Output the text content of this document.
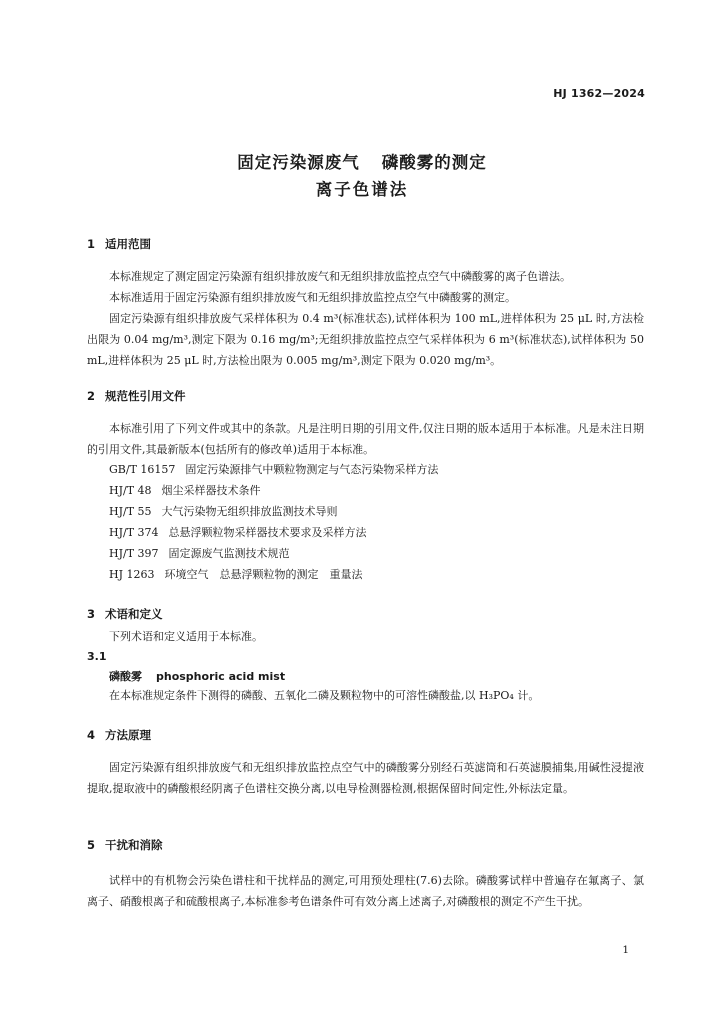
HJ 1362—2024
固定污染源废气 磷酸雾的测定
离子色谱法
1 适用范围

本标准规定了测定固定污染源有组织排放废气和无组织排放监控点空气中磷酸雾的离子色谱法。

本标准适用于固定污染源有组织排放废气和无组织排放监控点空气中磷酸雾的测定。

固定污染源有组织排放废气采样体积为 0.4 m³(标准状态),试样体积为 100 mL,进样体积为 25 μL 时,方法检出限为 0.04 mg/m³,测定下限为 0.16 mg/m³;无组织排放监控点空气采样体积为 6 m³(标准状态),试样体积为 50 mL,进样体积为 25 μL 时,方法检出限为 0.005 mg/m³,测定下限为 0.020 mg/m³。

2 规范性引用文件

本标准引用了下列文件或其中的条款。凡是注明日期的引用文件,仅注日期的版本适用于本标准。凡是未注日期的引用文件,其最新版本(包括所有的修改单)适用于本标准。

GB/T 16157 固定污染源排气中颗粒物测定与气态污染物采样方法
HJ/T 48 烟尘采样器技术条件
HJ/T 55 大气污染物无组织排放监测技术导则
HJ/T 374 总悬浮颗粒物采样器技术要求及采样方法
HJ/T 397 固定源废气监测技术规范
HJ 1263 环境空气　总悬浮颗粒物的测定　重量法
3 术语和定义

下列术语和定义适用于本标准。

3.1
磷酸雾 phosphoric acid mist
在本标准规定条件下测得的磷酸、五氧化二磷及颗粒物中的可溶性磷酸盐,以 H₃PO₄ 计。
4 方法原理

固定污染源有组织排放废气和无组织排放监控点空气中的磷酸雾分别经石英滤筒和石英滤膜捕集,用碱性浸提液提取,提取液中的磷酸根经阴离子色谱柱交换分离,以电导检测器检测,根据保留时间定性,外标法定量。

5 干扰和消除

试样中的有机物会污染色谱柱和干扰样品的测定,可用预处理柱(7.6)去除。磷酸雾试样中普遍存在氟离子、氯离子、硝酸根离子和硫酸根离子,本标准参考色谱条件可有效分离上述离子,对磷酸根的测定不产生干扰。

1
